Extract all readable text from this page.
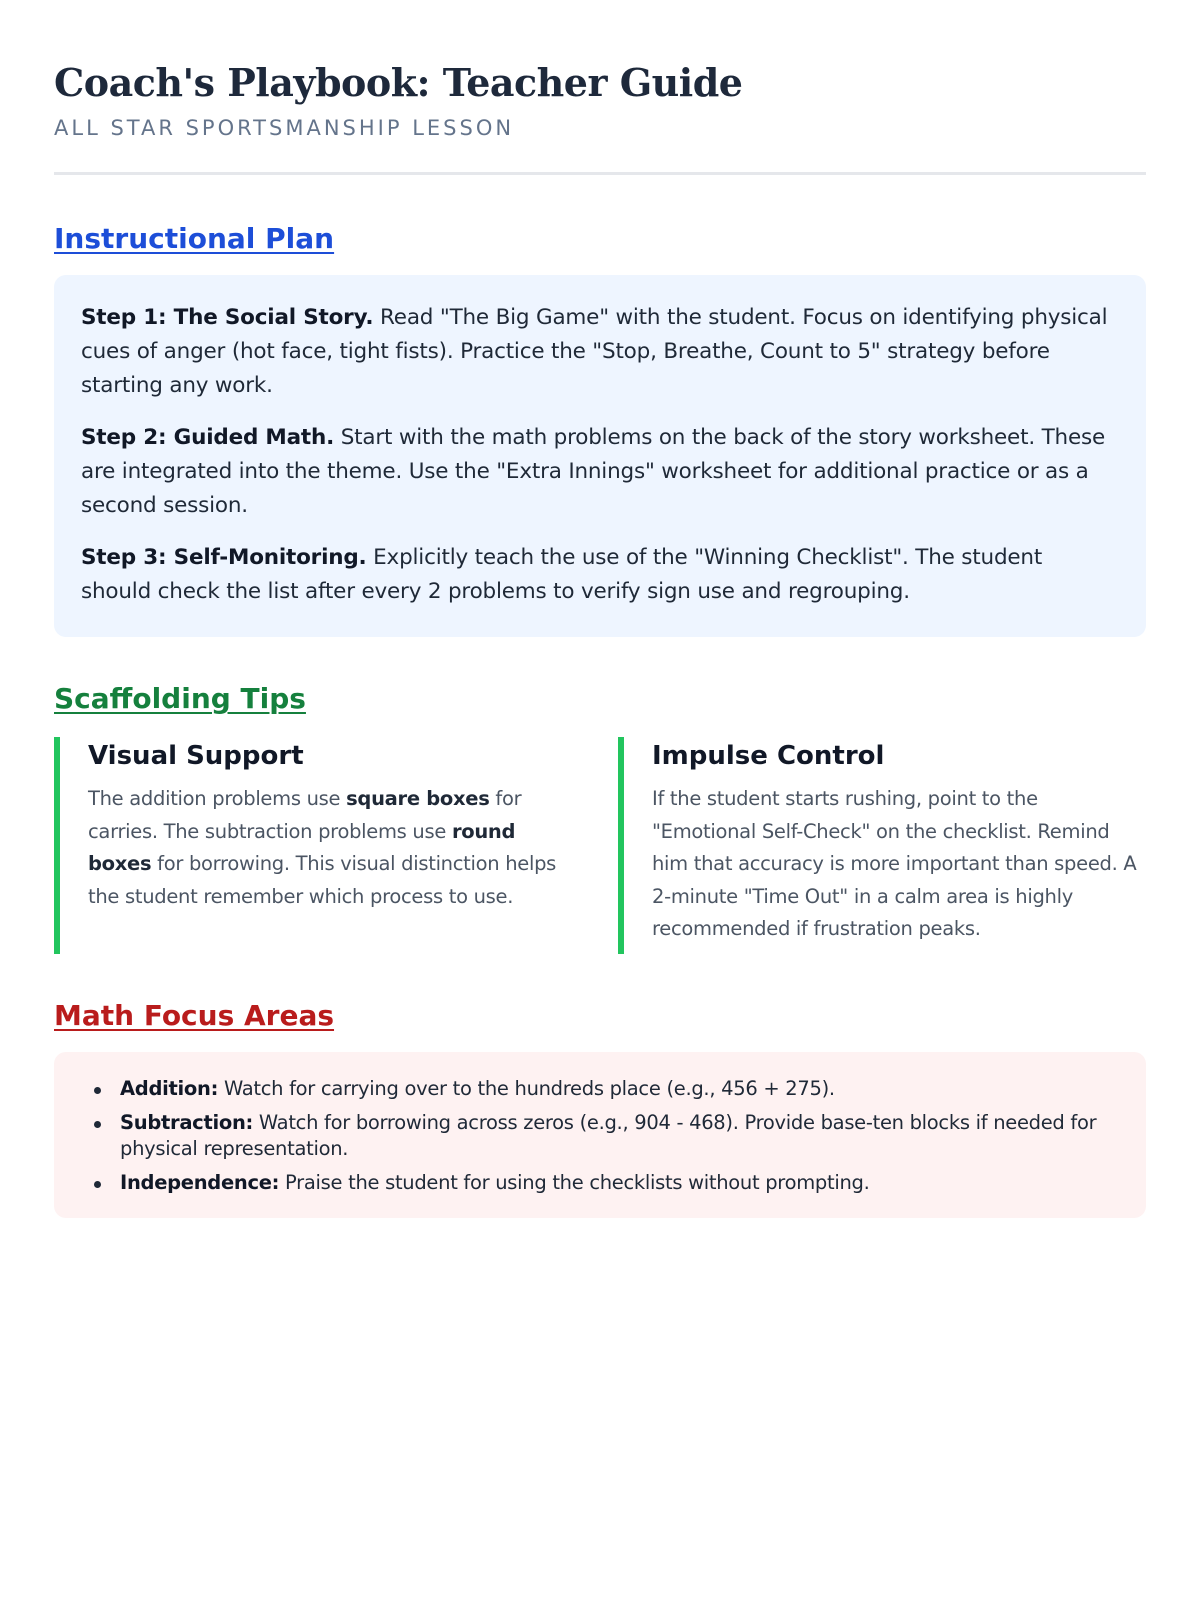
Coach's Playbook: Teacher Guide
ALL STAR SPORTSMANSHIP LESSON
Instructional Plan

Step 1: The Social Story. Read "The Big Game" with the student. Focus on identifying physical cues of anger (hot face, tight fists). Practice the "Stop, Breathe, Count to 5" strategy before starting any work.

Step 2: Guided Math. Start with the math problems on the back of the story worksheet. These are integrated into the theme. Use the "Extra Innings" worksheet for additional practice or as a second session.

Step 3: Self-Monitoring. Explicitly teach the use of the "Winning Checklist". The student should check the list after every 2 problems to verify sign use and regrouping.

Scaffolding Tips
Visual Support

The addition problems use square boxes for carries. The subtraction problems use round boxes for borrowing. This visual distinction helps the student remember which process to use.

Impulse Control

If the student starts rushing, point to the "Emotional Self-Check" on the checklist. Remind him that accuracy is more important than speed. A 2-minute "Time Out" in a calm area is highly recommended if frustration peaks.

Math Focus Areas
Addition: Watch for carrying over to the hundreds place (e.g., 456 + 275).
Subtraction: Watch for borrowing across zeros (e.g., 904 - 468). Provide base-ten blocks if needed for physical representation.
Independence: Praise the student for using the checklists without prompting.
